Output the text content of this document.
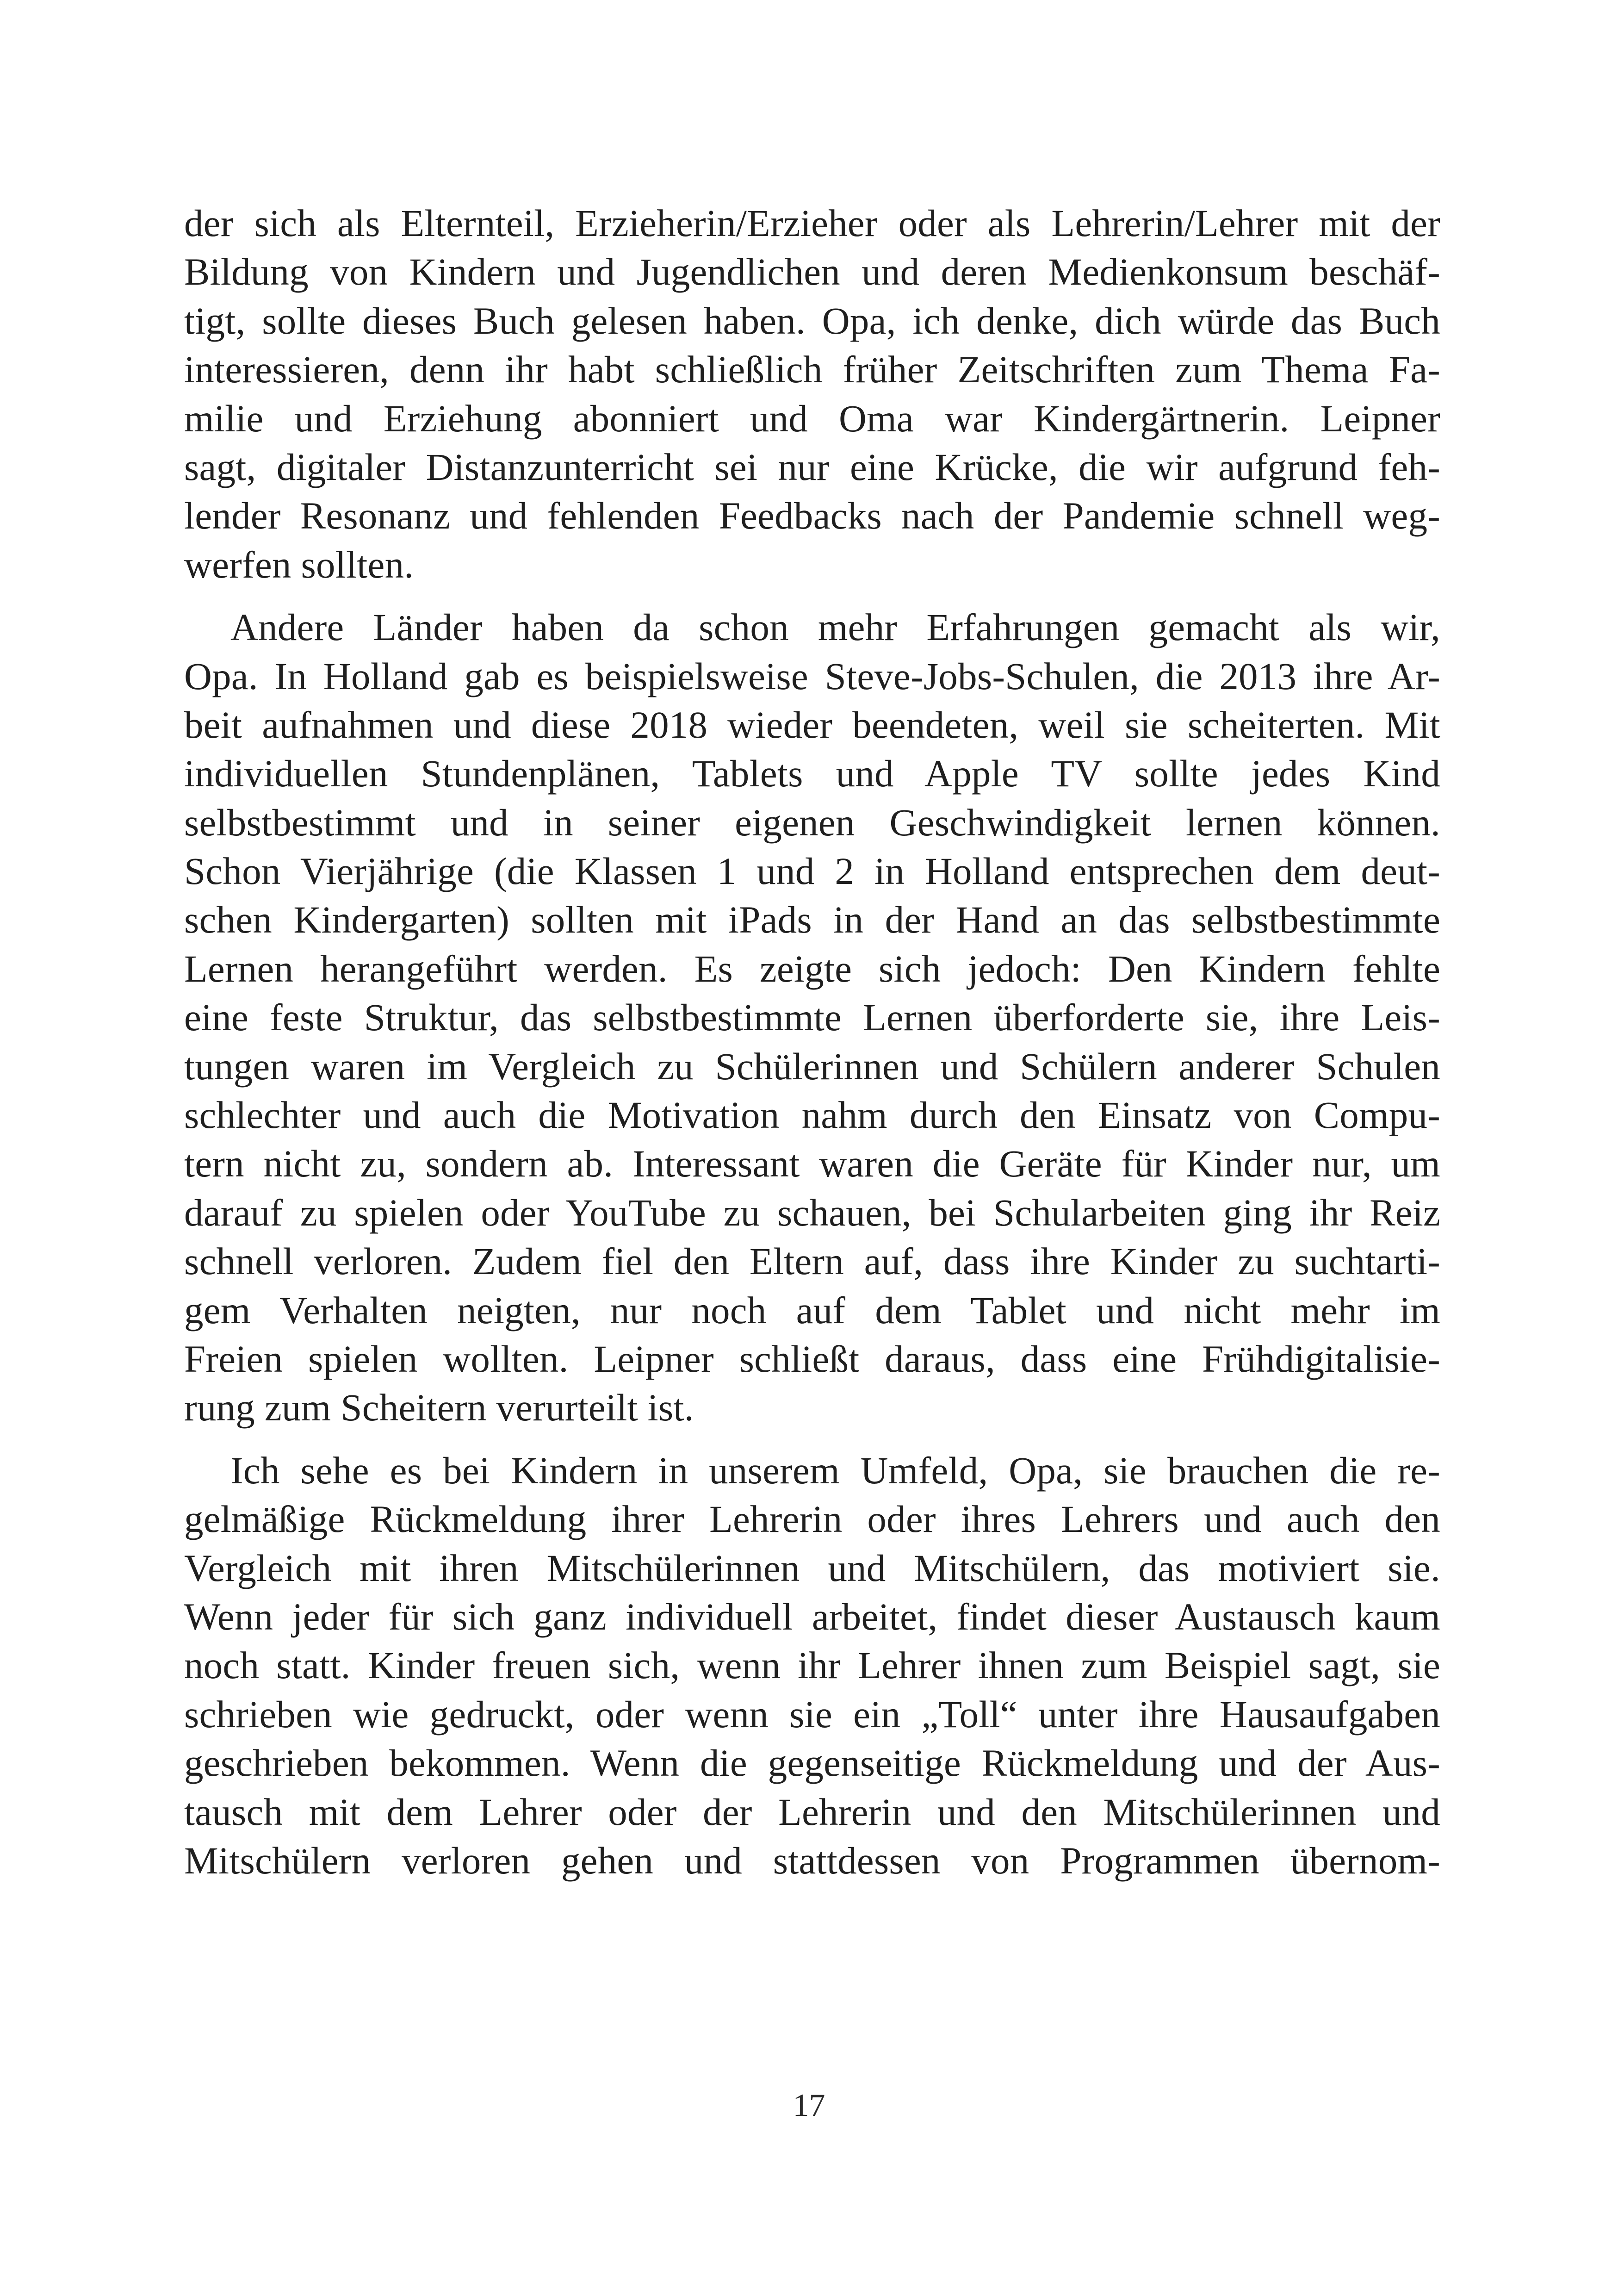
der sich als Elternteil, Erzieherin/Erzieher oder als Lehrerin/Lehrer mit der
Bildung von Kindern und Jugendlichen und deren Medienkonsum beschäf-
tigt, sollte dieses Buch gelesen haben. Opa, ich denke, dich würde das Buch
interessieren, denn ihr habt schließlich früher Zeitschriften zum Thema Fa-
milie und Erziehung abonniert und Oma war Kindergärtnerin. Leipner
sagt, digitaler Distanzunterricht sei nur eine Krücke, die wir aufgrund feh-
lender Resonanz und fehlenden Feedbacks nach der Pandemie schnell weg-
werfen sollten.
Andere Länder haben da schon mehr Erfahrungen gemacht als wir,
Opa. In Holland gab es beispielsweise Steve-Jobs-Schulen, die 2013 ihre Ar-
beit aufnahmen und diese 2018 wieder beendeten, weil sie scheiterten. Mit
individuellen Stundenplänen, Tablets und Apple TV sollte jedes Kind
selbstbestimmt und in seiner eigenen Geschwindigkeit lernen können.
Schon Vierjährige (die Klassen 1 und 2 in Holland entsprechen dem deut-
schen Kindergarten) sollten mit iPads in der Hand an das selbstbestimmte
Lernen herangeführt werden. Es zeigte sich jedoch: Den Kindern fehlte
eine feste Struktur, das selbstbestimmte Lernen überforderte sie, ihre Leis-
tungen waren im Vergleich zu Schülerinnen und Schülern anderer Schulen
schlechter und auch die Motivation nahm durch den Einsatz von Compu-
tern nicht zu, sondern ab. Interessant waren die Geräte für Kinder nur, um
darauf zu spielen oder YouTube zu schauen, bei Schularbeiten ging ihr Reiz
schnell verloren. Zudem fiel den Eltern auf, dass ihre Kinder zu suchtarti-
gem Verhalten neigten, nur noch auf dem Tablet und nicht mehr im
Freien spielen wollten. Leipner schließt daraus, dass eine Frühdigitalisie-
rung zum Scheitern verurteilt ist.
Ich sehe es bei Kindern in unserem Umfeld, Opa, sie brauchen die re-
gelmäßige Rückmeldung ihrer Lehrerin oder ihres Lehrers und auch den
Vergleich mit ihren Mitschülerinnen und Mitschülern, das motiviert sie.
Wenn jeder für sich ganz individuell arbeitet, findet dieser Austausch kaum
noch statt. Kinder freuen sich, wenn ihr Lehrer ihnen zum Beispiel sagt, sie
schrieben wie gedruckt, oder wenn sie ein „Toll“ unter ihre Hausaufgaben
geschrieben bekommen. Wenn die gegenseitige Rückmeldung und der Aus-
tausch mit dem Lehrer oder der Lehrerin und den Mitschülerinnen und
Mitschülern verloren gehen und stattdessen von Programmen übernom-
17
